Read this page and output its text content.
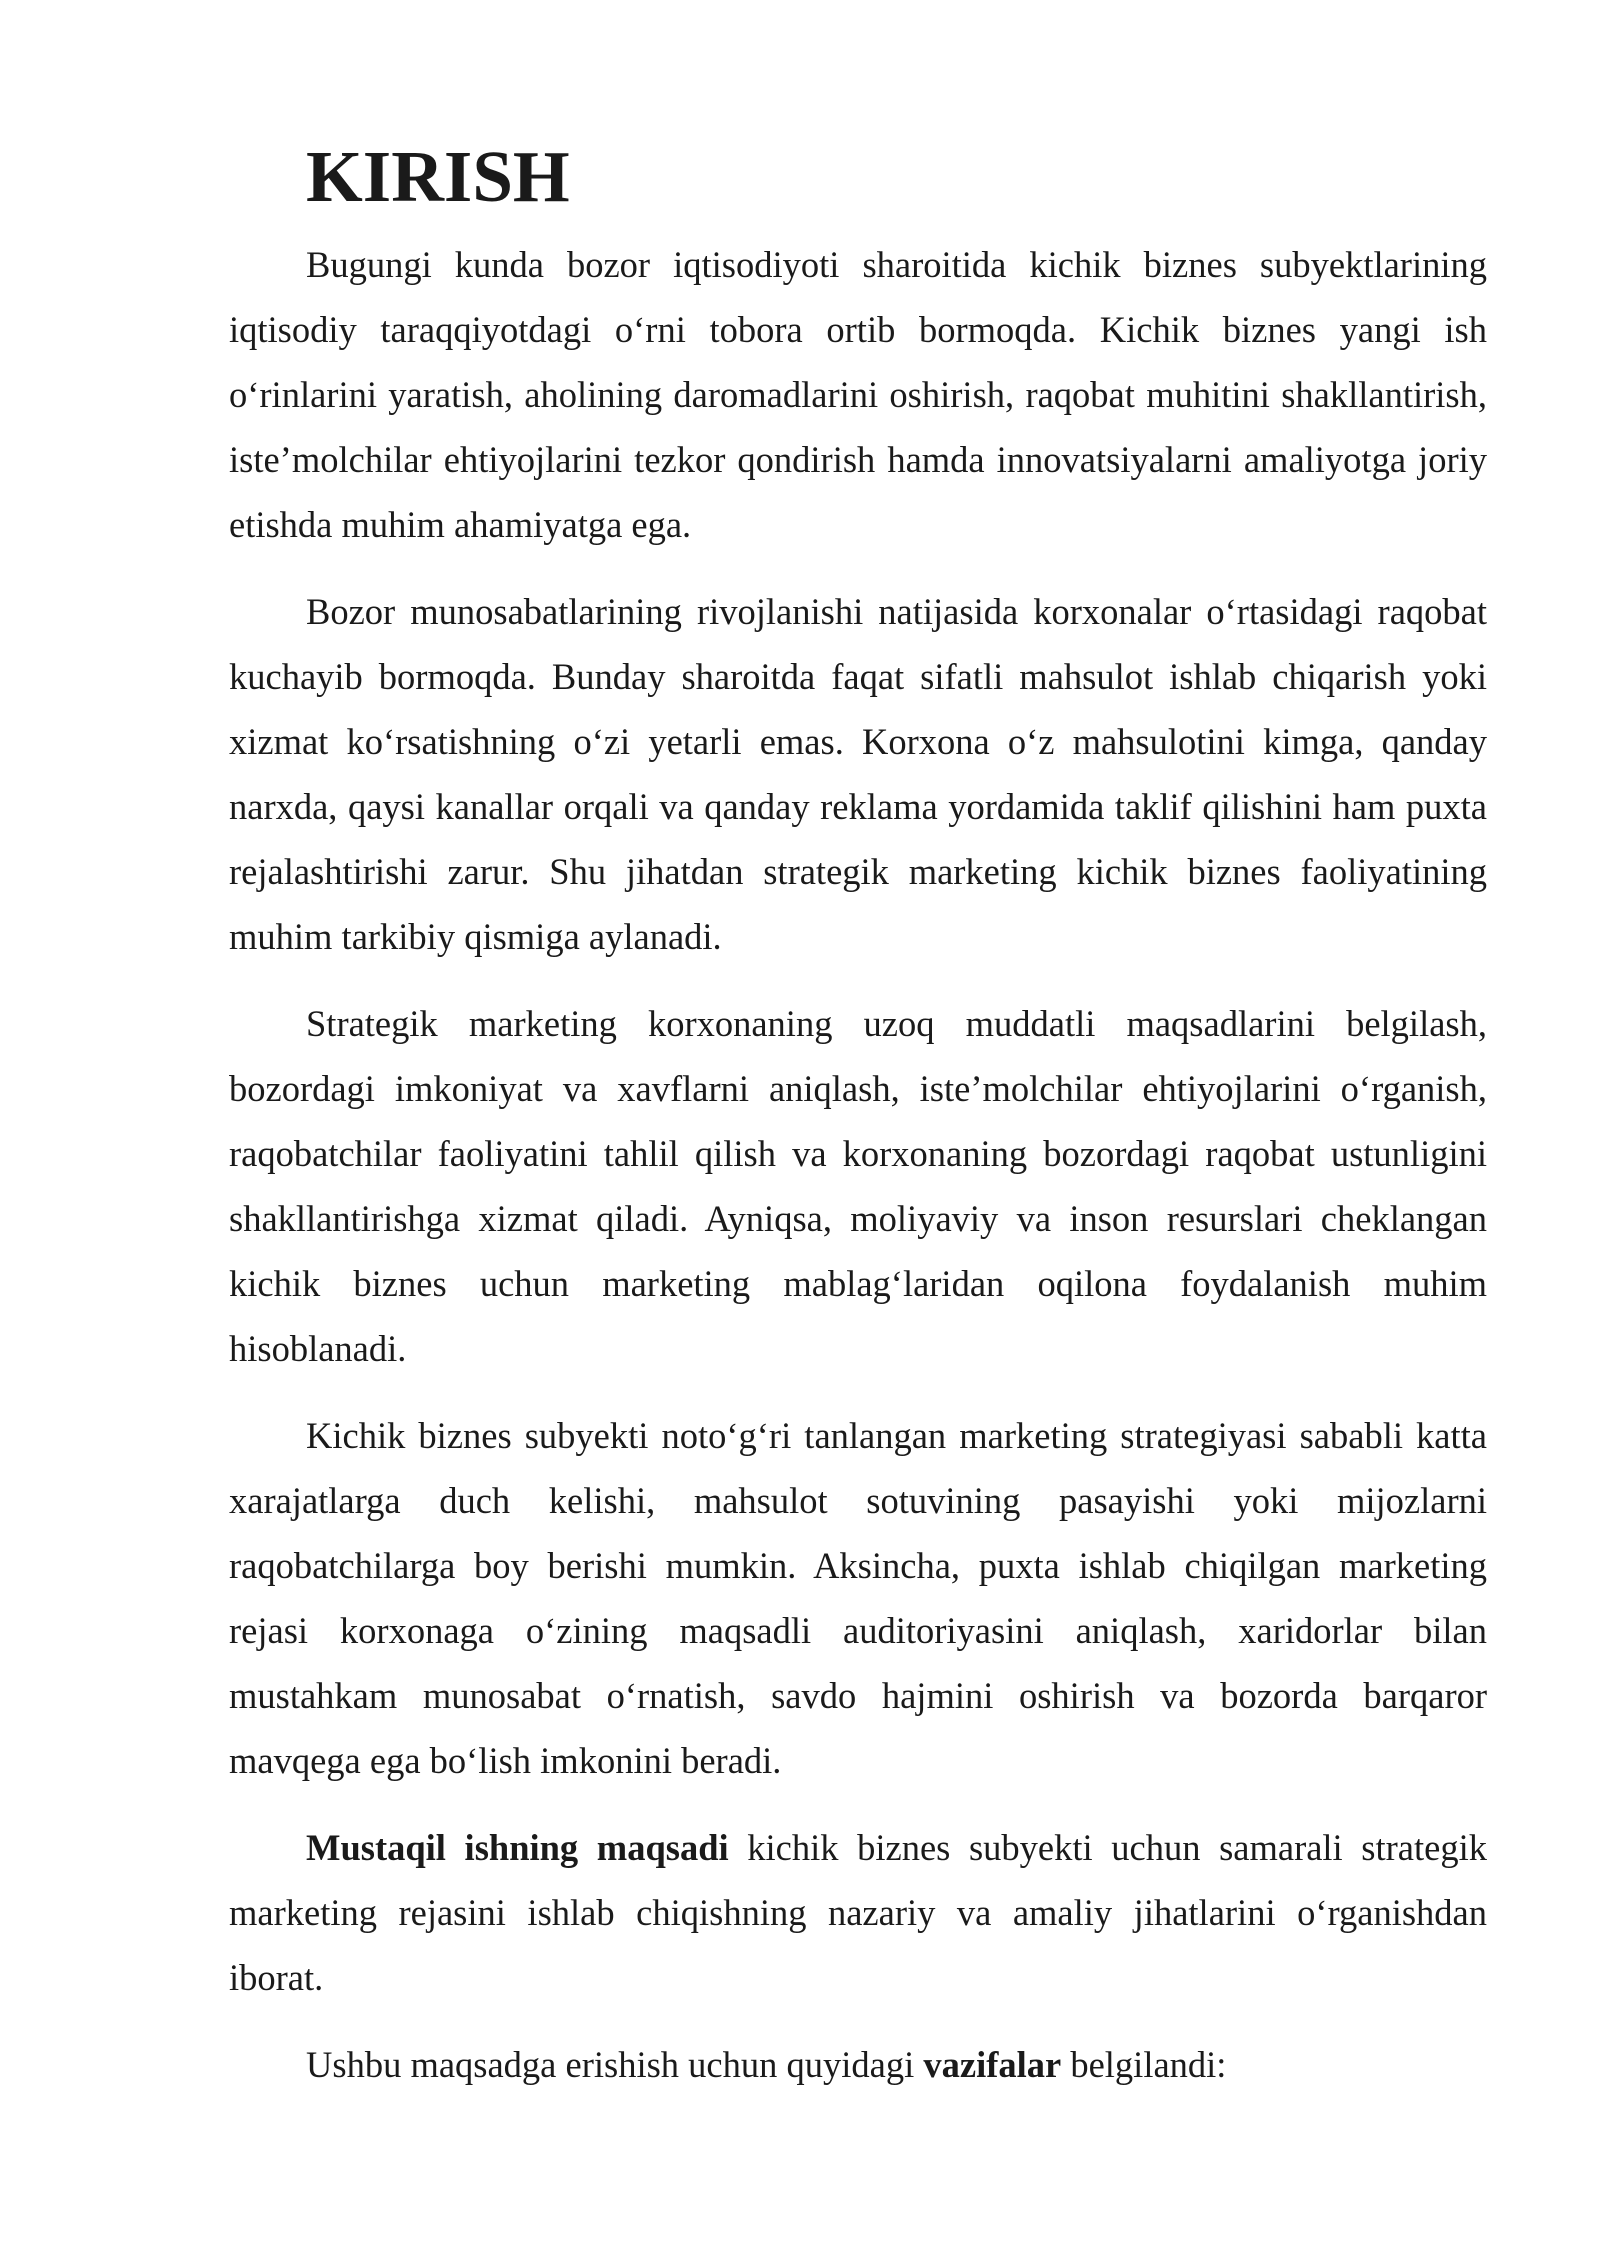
KIRISH

Bugungi kunda bozor iqtisodiyoti sharoitida kichik biznes subyektlarining iqtisodiy taraqqiyotdagi o‘rni tobora ortib bormoqda. Kichik biznes yangi ish o‘rinlarini yaratish, aholining daromadlarini oshirish, raqobat muhitini shakllantirish, iste’molchilar ehtiyojlarini tezkor qondirish hamda innovatsiyalarni amaliyotga joriy etishda muhim ahamiyatga ega.

Bozor munosabatlarining rivojlanishi natijasida korxonalar o‘rtasidagi raqobat kuchayib bormoqda. Bunday sharoitda faqat sifatli mahsulot ishlab chiqarish yoki xizmat ko‘rsatishning o‘zi yetarli emas. Korxona o‘z mahsulotini kimga, qanday narxda, qaysi kanallar orqali va qanday reklama yordamida taklif qilishini ham puxta rejalashtirishi zarur. Shu jihatdan strategik marketing kichik biznes faoliyatining muhim tarkibiy qismiga aylanadi.

Strategik marketing korxonaning uzoq muddatli maqsadlarini belgilash, bozordagi imkoniyat va xavflarni aniqlash, iste’molchilar ehtiyojlarini o‘rganish, raqobatchilar faoliyatini tahlil qilish va korxonaning bozordagi raqobat ustunligini shakllantirishga xizmat qiladi. Ayniqsa, moliyaviy va inson resurslari cheklangan kichik biznes uchun marketing mablag‘laridan oqilona foydalanish muhim hisoblanadi.

Kichik biznes subyekti noto‘g‘ri tanlangan marketing strategiyasi sababli katta xarajatlarga duch kelishi, mahsulot sotuvining pasayishi yoki mijozlarni raqobatchilarga boy berishi mumkin. Aksincha, puxta ishlab chiqilgan marketing rejasi korxonaga o‘zining maqsadli auditoriyasini aniqlash, xaridorlar bilan mustahkam munosabat o‘rnatish, savdo hajmini oshirish va bozorda barqaror mavqega ega bo‘lish imkonini beradi.

Mustaqil ishning maqsadi kichik biznes subyekti uchun samarali strategik marketing rejasini ishlab chiqishning nazariy va amaliy jihatlarini o‘rganishdan iborat.

Ushbu maqsadga erishish uchun quyidagi vazifalar belgilandi:
